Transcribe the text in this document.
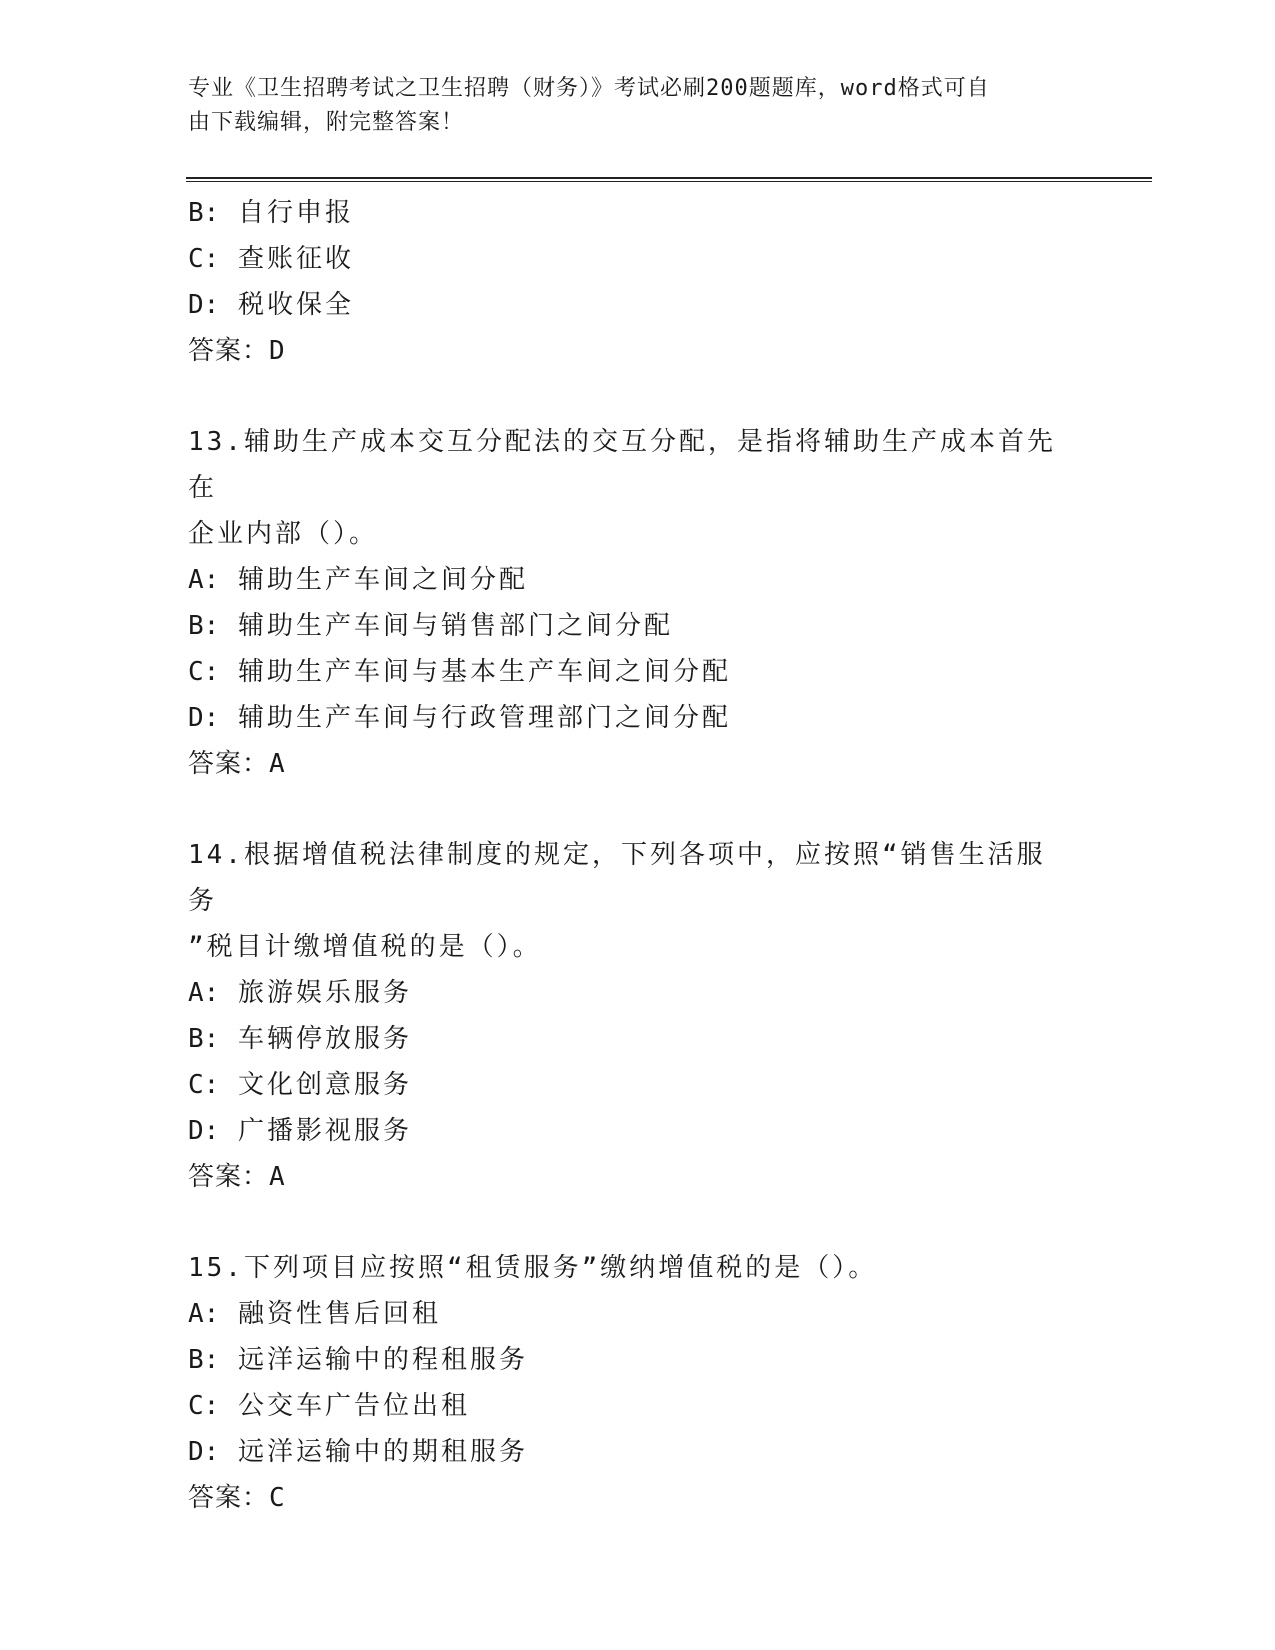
专业《卫生招聘考试之卫生招聘（财务）》考试必刷200题题库，word格式可自
由下载编辑，附完整答案！
B: 自行申报
C: 查账征收
D: 税收保全
答案：D
13.辅助生产成本交互分配法的交互分配，是指将辅助生产成本首先在
企业内部（）。
A: 辅助生产车间之间分配
B: 辅助生产车间与销售部门之间分配
C: 辅助生产车间与基本生产车间之间分配
D: 辅助生产车间与行政管理部门之间分配
答案：A
14.根据增值税法律制度的规定，下列各项中，应按照“销售生活服务
”税目计缴增值税的是（）。
A: 旅游娱乐服务
B: 车辆停放服务
C: 文化创意服务
D: 广播影视服务
答案：A
15.下列项目应按照“租赁服务”缴纳增值税的是（）。
A: 融资性售后回租
B: 远洋运输中的程租服务
C: 公交车广告位出租
D: 远洋运输中的期租服务
答案：C
